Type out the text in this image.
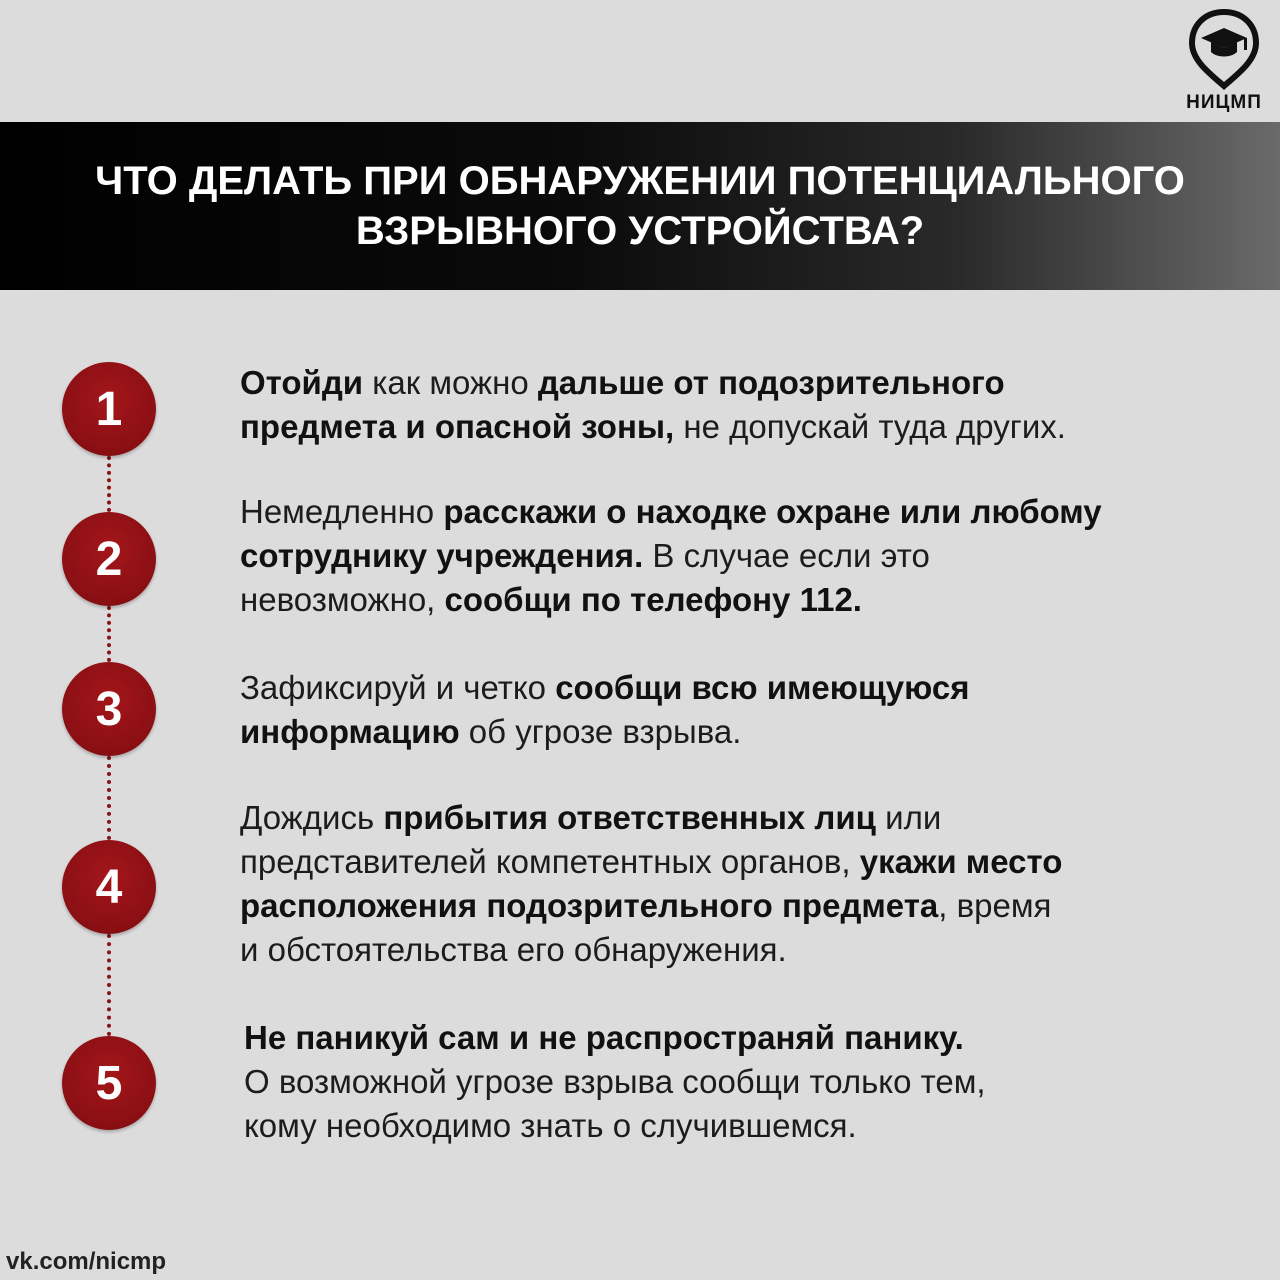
НИЦМП
ЧТО ДЕЛАТЬ ПРИ ОБНАРУЖЕНИИ ПОТЕНЦИАЛЬНОГО ВЗРЫВНОГО УСТРОЙСТВА?
1	Отойди как можно дальше от подозрительного
предмета и опасной зоны, не допускай туда других.
2
Немедленно расскажи о находке охране или любому
сотруднику учреждения. В случае если это
невозможно, сообщи по телефону 112.
3	Зафиксируй и четко сообщи всю имеющуюся
информацию об угрозе взрыва.
4
Дождись прибытия ответственных лиц или
представителей компетентных органов, укажи место
расположения подозрительного предмета, время
и обстоятельства его обнаружения.
5
Не паникуй сам и не распространяй панику.
О возможной угрозе взрыва сообщи только тем,
кому необходимо знать о случившемся.
vk.com/nicmp
